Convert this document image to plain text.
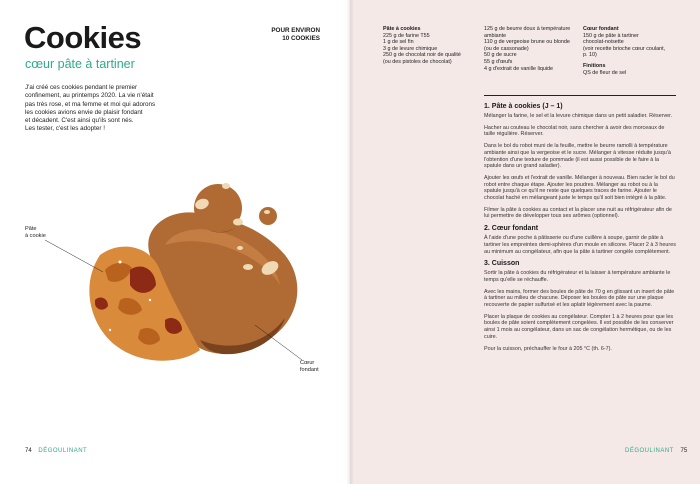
Cookies
cœur pâte à tartiner
POUR ENVIRON
10 COOKIES
J'ai créé ces cookies pendant le premier
confinement, au printemps 2020. La vie n'était
pas très rose, et ma femme et moi qui adorons
les cookies avions envie de plaisir fondant
et décadent. C'est ainsi qu'ils sont nés.
Les tester, c'est les adopter !
Pâte
à cookie
Cœur
fondant
74 DÉGOULINANT
Pâte à cookies
225 g de farine T55
1 g de sel fin
3 g de levure chimique
250 g de chocolat noir de qualité
(ou des pistoles de chocolat)
125 g de beurre doux à température
ambiante
110 g de vergeoise brune ou blonde
(ou de cassonade)
50 g de sucre
55 g d'œufs
4 g d'extrait de vanille liquide
Cœur fondant
150 g de pâte à tartiner
chocolat-noisette
(voir recette brioche cœur coulant,
p. 10)
Finitions
QS de fleur de sel
1. Pâte à cookies (J – 1)

Mélanger la farine, le sel et la levure chimique dans un petit saladier. Réserver.

Hacher au couteau le chocolat noir, sans chercher à avoir des morceaux de taille régulière. Réserver.

Dans le bol du robot muni de la feuille, mettre le beurre ramolli à température ambiante ainsi que la vergeoise et le sucre. Mélanger à vitesse réduite jusqu'à l'obtention d'une texture de pommade (il est aussi possible de le faire à la spatule dans un grand saladier).

Ajouter les œufs et l'extrait de vanille. Mélanger à nouveau. Bien racler le bol du robot entre chaque étape. Ajouter les poudres. Mélanger au robot ou à la spatule jusqu'à ce qu'il ne reste que quelques traces de farine. Ajouter le chocolat haché en mélangeant juste le temps qu'il soit bien intégré à la pâte.

Filmer la pâte à cookies au contact et la placer une nuit au réfrigérateur afin de lui permettre de développer tous ses arômes (optionnel).

2. Cœur fondant

À l'aide d'une poche à pâtisserie ou d'une cuillère à soupe, garnir de pâte à tartiner les empreintes demi-sphères d'un moule en silicone. Placer 2 à 3 heures au minimum au congélateur, afin que la pâte à tartiner congèle complètement.

3. Cuisson

Sortir la pâte à cookies du réfrigérateur et la laisser à température ambiante le temps qu'elle se réchauffe.

Avec les mains, former des boules de pâte de 70 g en glissant un insert de pâte à tartiner au milieu de chacune. Déposer les boules de pâte sur une plaque recouverte de papier sulfurisé et les aplatir légèrement avec la paume.

Placer la plaque de cookies au congélateur. Compter 1 à 2 heures pour que les boules de pâte soient complètement congelées. Il est possible de les conserver ainsi 1 mois au congélateur, dans un sac de congélation hermétique, ou de les cuire.

Pour la cuisson, préchauffer le four à 205 °C (th. 6-7).

DÉGOULINANT 75
